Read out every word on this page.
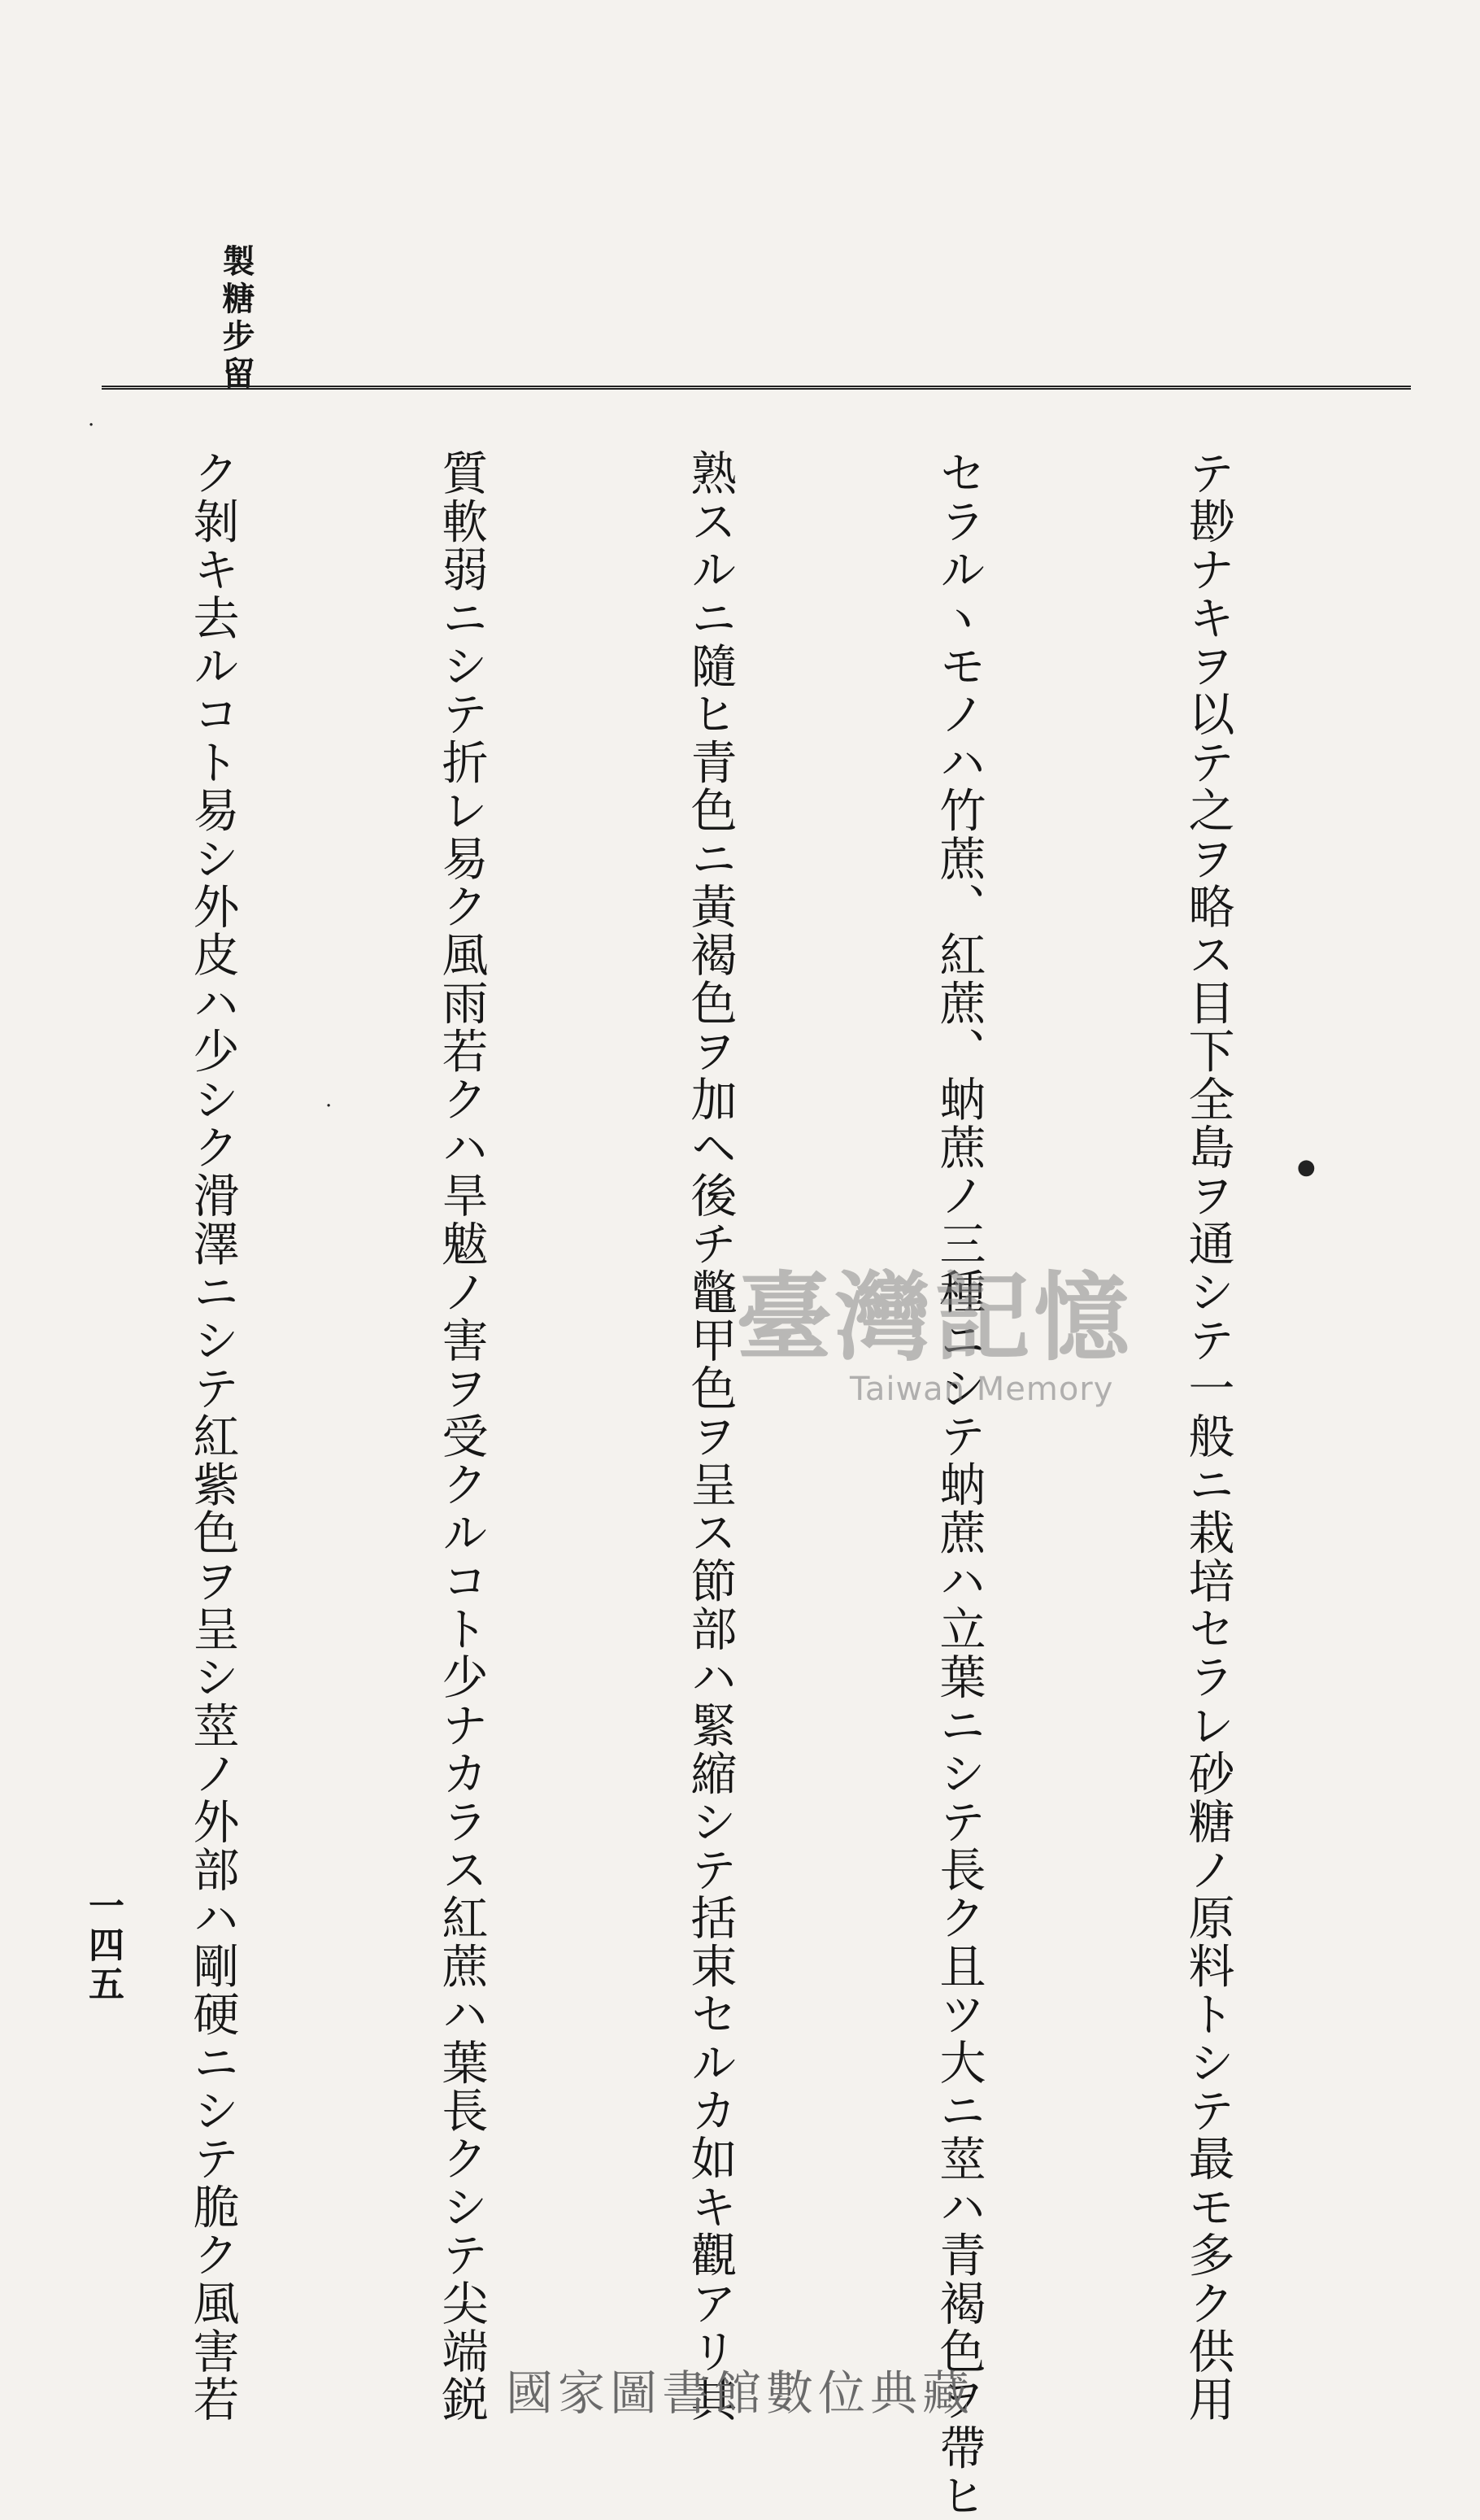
製糖步留

テ尠ナキヲ以テ之ヲ略ス目下全島ヲ通シテ一般ニ栽培セラレ砂糖ノ原料トシテ最モ多ク供用

セラルヽモノハ竹蔗、紅蔗、蚋蔗ノ三種ニシテ蚋蔗ハ立葉ニシテ長ク且ツ大ニ莖ハ青褐色ヲ帶ヒ

熟スルニ隨ヒ青色ニ黃褐色ヲ加ヘ後チ鼈甲色ヲ呈ス節部ハ緊縮シテ括束セルカ如キ觀アリ其

質軟弱ニシテ折レ易ク風雨若クハ旱魃ノ害ヲ受クルコト少ナカラス紅蔗ハ葉長クシテ尖端鋭

ク剝キ去ルコト易シ外皮ハ少シク滑澤ニシテ紅紫色ヲ呈シ莖ノ外部ハ剛硬ニシテ脆ク風害若

一四五
臺灣記憶
Taiwan Memory
·
·
●
國家圖書館數位典藏
